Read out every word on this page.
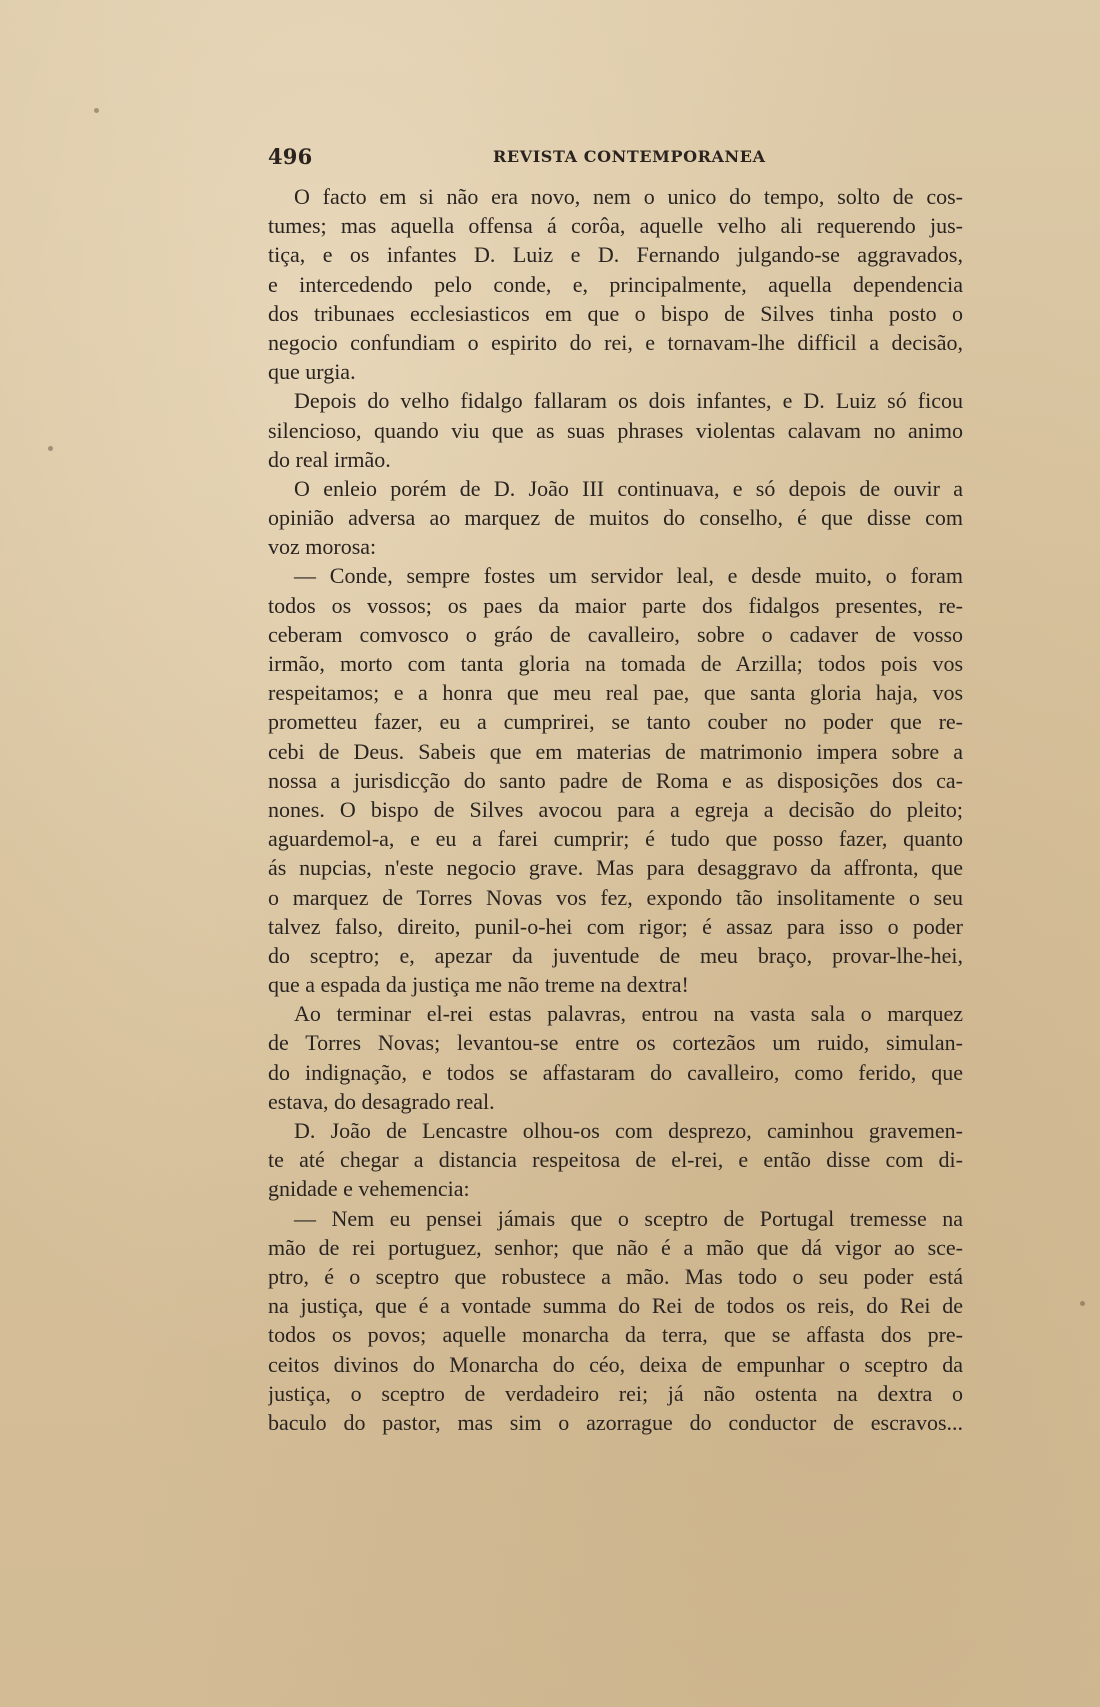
496	REVISTA CONTEMPORANEA
O facto em si não era novo, nem o unico do tempo, solto de cos-
tumes; mas aquella offensa á corôa, aquelle velho ali requerendo jus-
tiça, e os infantes D. Luiz e D. Fernando julgando-se aggravados,
e intercedendo pelo conde, e, principalmente, aquella dependencia
dos tribunaes ecclesiasticos em que o bispo de Silves tinha posto o
negocio confundiam o espirito do rei, e tornavam-lhe difficil a decisão,
que urgia.
Depois do velho fidalgo fallaram os dois infantes, e D. Luiz só ficou
silencioso, quando viu que as suas phrases violentas calavam no animo
do real irmão.
O enleio porém de D. João III continuava, e só depois de ouvir a
opinião adversa ao marquez de muitos do conselho, é que disse com
voz morosa:
— Conde, sempre fostes um servidor leal, e desde muito, o foram
todos os vossos; os paes da maior parte dos fidalgos presentes, re-
ceberam comvosco o gráo de cavalleiro, sobre o cadaver de vosso
irmão, morto com tanta gloria na tomada de Arzilla; todos pois vos
respeitamos; e a honra que meu real pae, que santa gloria haja, vos
prometteu fazer, eu a cumprirei, se tanto couber no poder que re-
cebi de Deus. Sabeis que em materias de matrimonio impera sobre a
nossa a jurisdicção do santo padre de Roma e as disposições dos ca-
nones. O bispo de Silves avocou para a egreja a decisão do pleito;
aguardemol-a, e eu a farei cumprir; é tudo que posso fazer, quanto
ás nupcias, n'este negocio grave. Mas para desaggravo da affronta, que
o marquez de Torres Novas vos fez, expondo tão insolitamente o seu
talvez falso, direito, punil-o-hei com rigor; é assaz para isso o poder
do sceptro; e, apezar da juventude de meu braço, provar-lhe-hei,
que a espada da justiça me não treme na dextra!
Ao terminar el-rei estas palavras, entrou na vasta sala o marquez
de Torres Novas; levantou-se entre os cortezãos um ruido, simulan-
do indignação, e todos se affastaram do cavalleiro, como ferido, que
estava, do desagrado real.
D. João de Lencastre olhou-os com desprezo, caminhou gravemen-
te até chegar a distancia respeitosa de el-rei, e então disse com di-
gnidade e vehemencia:
— Nem eu pensei jámais que o sceptro de Portugal tremesse na
mão de rei portuguez, senhor; que não é a mão que dá vigor ao sce-
ptro, é o sceptro que robustece a mão. Mas todo o seu poder está
na justiça, que é a vontade summa do Rei de todos os reis, do Rei de
todos os povos; aquelle monarcha da terra, que se affasta dos pre-
ceitos divinos do Monarcha do céo, deixa de empunhar o sceptro da
justiça, o sceptro de verdadeiro rei; já não ostenta na dextra o
baculo do pastor, mas sim o azorrague do conductor de escravos...
